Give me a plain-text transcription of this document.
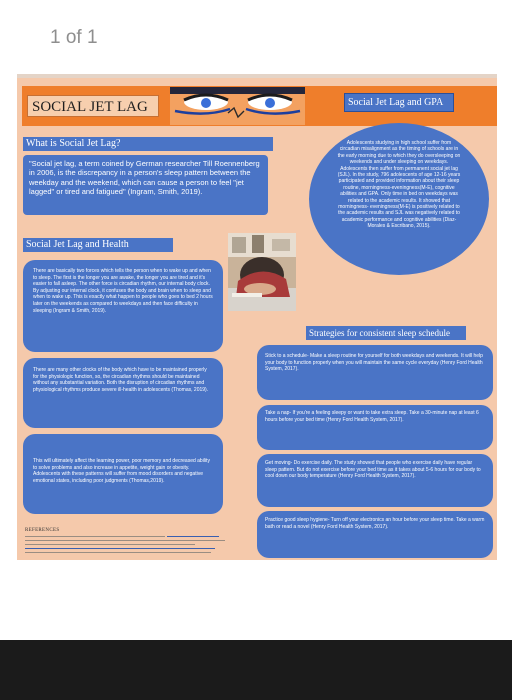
1 of 1
SOCIAL JET LAG	Social Jet Lag and GPA
What is Social Jet Lag?
"Social jet lag, a term coined by German researcher Till Roennenberg in 2006, is the discrepancy in a person's sleep pattern between the weekday and the weekend, which can cause a person to feel "jet lagged" or tired and fatigued" (Ingram, Smith, 2019).
Adolescents studying in high school suffer from circadian misalignment as the timing of schools are in the early morning due to which they do oversleeping on weekends and under sleeping on weekdays. Adolescents then suffer from permanent social jet lag (SJL). In the study, 796 adolescents of age 12-16 years participated and provided information about their sleep routine, morningness-eveningness(M-E), cognitive abilities and GPA. Only time in bed on weekdays was related to the academic results. It showed that morningness- eveningness(M-E) is positively related to the academic results and SJL was negatively related to academic performance and cognitive abilities (Diaz-Morales & Escribano, 2015).
Social Jet Lag and Health
There are basically two forces which tells the person when to wake up and when to sleep. The first is the longer you are awake, the longer you are tired and it's easier to fall asleep. The other force is circadian rhythm, our internal body clock. By adjusting our internal clock, it confuses the body and brain when to sleep and when to wake up. This is exactly what happen to people who goes to bed 2 hours later on the weekends as compared to weekdays and then face difficulty in sleeping (Ingram & Smith, 2019).
There are many other clocks of the body which have to be maintained properly for the physiologic function, so, the circadian rhythms should be maintained without any substantial variation. Both the disruption of circadian rhythms and physiological rhythms produce severe ill-health in adolescents (Thomas, 2019).
This will ultimately affect the learning power, poor memory and decreased ability to solve problems and also increase in appetite, weight gain or obesity. Adolescents with these patterns will suffer from mood disorders and negative emotional states, including poor judgments (Thomas,2019).
Strategies for consistent sleep schedule
Stick to a schedule- Make a sleep routine for yourself for both weekdays and weekends. It will help your body to function properly when you will maintain the same cycle everyday (Henry Ford Health System, 2017).
Take a nap- If you're a feeling sleepy or want to take extra sleep. Take a 30-minute nap at least 6 hours before your bed time (Henry Ford Health System, 2017).
Get moving- Do exercise daily. The study showed that people who exercise daily have regular sleep pattern. But do not exercise before your bed time as it takes about 5-6 hours for our body to cool down our body temperature (Henry Ford Health System, 2017).
Practice good sleep hygiene- Turn off your electronics an hour before your sleep time. Take a warm bath or read a novel (Henry Ford Health System, 2017).
REFERENCES
